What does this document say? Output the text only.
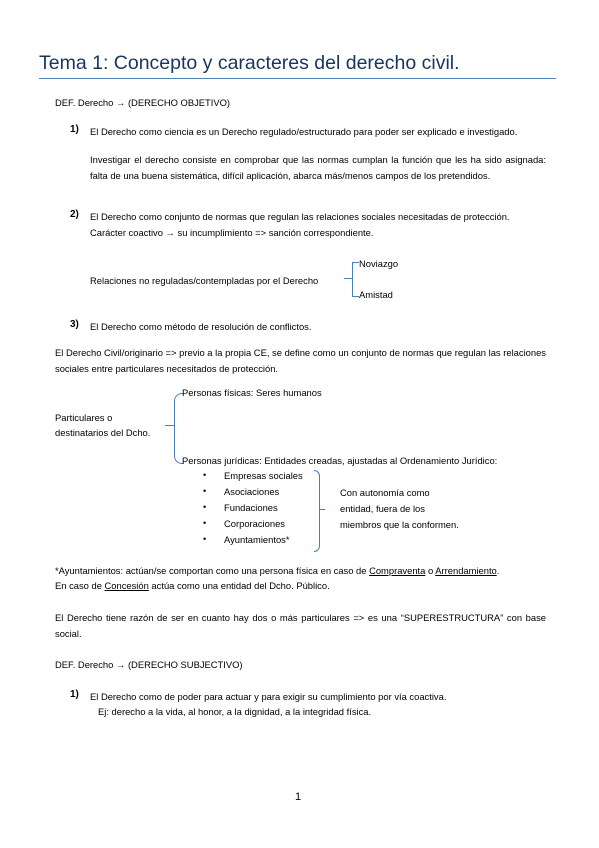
Tema 1: Concepto y caracteres del derecho civil.
DEF. Derecho → (DERECHO OBJETIVO)
1) El Derecho como ciencia es un Derecho regulado/estructurado para poder ser explicado e investigado.
Investigar el derecho consiste en comprobar que las normas cumplan la función que les ha sido asignada: falta de una buena sistemática, difícil aplicación, abarca más/menos campos de los pretendidos.
2) El Derecho como conjunto de normas que regulan las relaciones sociales necesitadas de protección.
Carácter coactivo → su incumplimiento => sanción correspondiente.
Relaciones no reguladas/contempladas por el Derecho
Noviazgo
Amistad
3) El Derecho como método de resolución de conflictos.
El Derecho Civil/originario => previo a la propia CE, se define como un conjunto de normas que regulan las relaciones sociales entre particulares necesitados de protección.
Particulares o
destinatarios del Dcho.
Personas físicas: Seres humanos
Personas jurídicas: Entidades creadas, ajustadas al Ordenamiento Jurídico:
• Empresas sociales
• Asociaciones
• Fundaciones
• Corporaciones
• Ayuntamientos*
Con autonomía como
entidad, fuera de los
miembros que la conformen.
*Ayuntamientos: actúan/se comportan como una persona física en caso de Compraventa o Arrendamiento.
En caso de Concesión actúa como una entidad del Dcho. Público.
El Derecho tiene razón de ser en cuanto hay dos o más particulares => es una “SUPERESTRUCTURA” con base social.
DEF. Derecho → (DERECHO SUBJECTIVO)
1) El Derecho como de poder para actuar y para exigir su cumplimiento por vía coactiva.
Ej: derecho a la vida, al honor, a la dignidad, a la integridad física.
1
